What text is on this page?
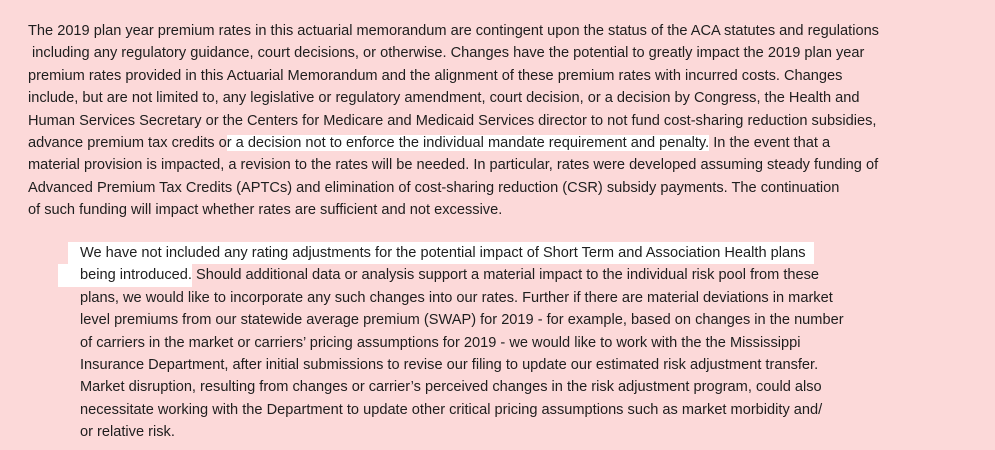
The 2019 plan year premium rates in this actuarial memorandum are contingent upon the status of the ACA statutes and regulations
including any regulatory guidance, court decisions, or otherwise. Changes have the potential to greatly impact the 2019 plan year
premium rates provided in this Actuarial Memorandum and the alignment of these premium rates with incurred costs. Changes
include, but are not limited to, any legislative or regulatory amendment, court decision, or a decision by Congress, the Health and
Human Services Secretary or the Centers for Medicare and Medicaid Services director to not fund cost-sharing reduction subsidies,
advance premium tax credits or a decision not to enforce the individual mandate requirement and penalty. In the event that a
material provision is impacted, a revision to the rates will be needed. In particular, rates were developed assuming steady funding of
Advanced Premium Tax Credits (APTCs) and elimination of cost-sharing reduction (CSR) subsidy payments. The continuation
of such funding will impact whether rates are sufficient and not excessive.
We have not included any rating adjustments for the potential impact of Short Term and Association Health plans
being introduced. Should additional data or analysis support a material impact to the individual risk pool from these
plans, we would like to incorporate any such changes into our rates. Further if there are material deviations in market
level premiums from our statewide average premium (SWAP) for 2019 - for example, based on changes in the number
of carriers in the market or carriers’ pricing assumptions for 2019 - we would like to work with the the Mississippi
Insurance Department, after initial submissions to revise our filing to update our estimated risk adjustment transfer.
Market disruption, resulting from changes or carrier’s perceived changes in the risk adjustment program, could also
necessitate working with the Department to update other critical pricing assumptions such as market morbidity and/
or relative risk.
